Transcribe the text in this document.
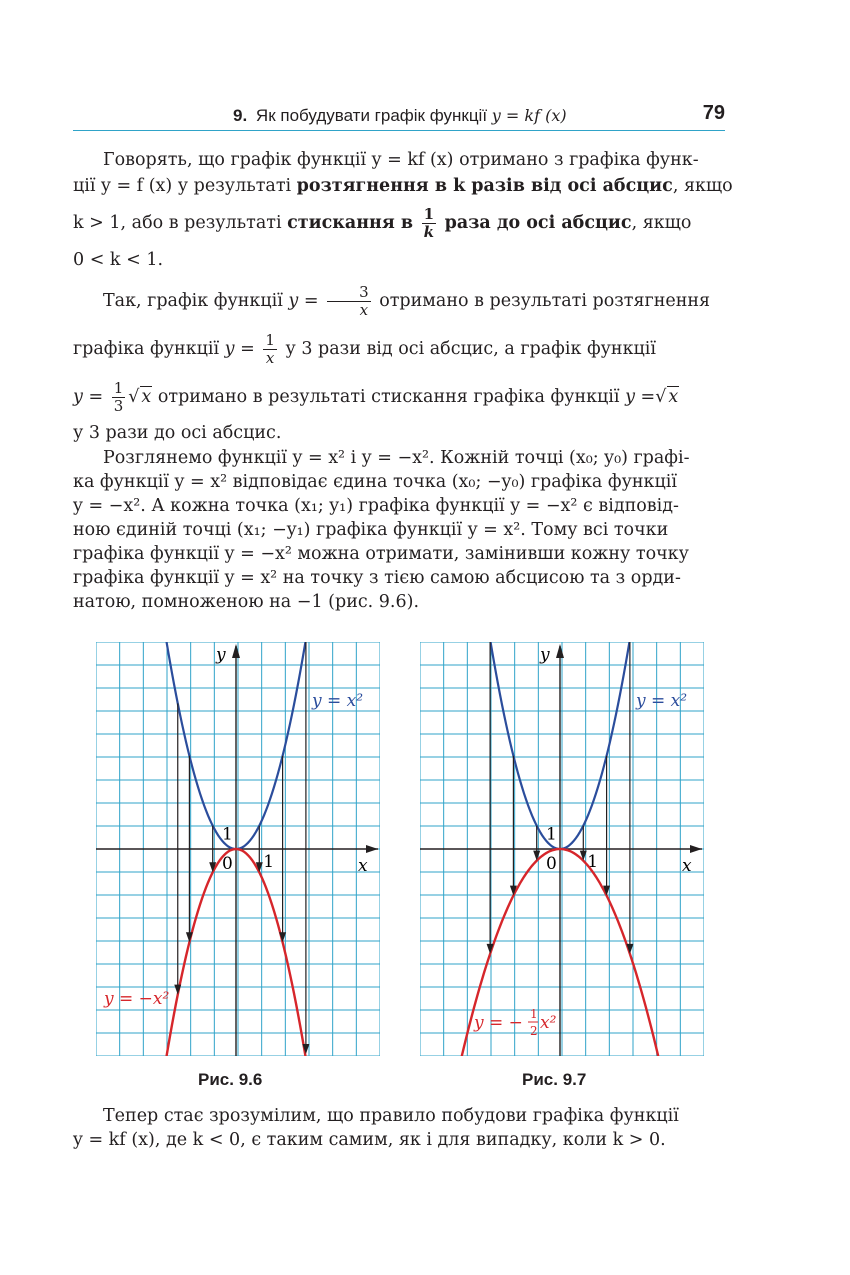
9. Як побудувати графік функції y = kf (x)	79
Говорять, що графік функції y = kf (x) отримано з графіка функ-
ції y = f (x) у результаті розтягнення в k разів від осі абсцис, якщо
k > 1, або в результаті стискання в $\frac{1}{k}$ раза до осі абсцис, якщо
0 < k < 1.
Так, графік функції $y = \frac{3}{x}$ отримано в результаті розтягнення
графіка функції $y = \frac{1}{x}$ у 3 рази від осі абсцис, а графік функції
$y = \frac{1}{3}$ √ x отримано в результаті стискання графіка функції y =√ x
у 3 рази до осі абсцис.
Розглянемо функції y = x² і y = −x². Кожній точці (x₀; y₀) графі-
ка функції y = x² відповідає єдина точка (x₀; −y₀) графіка функції
y = −x². А кожна точка (x₁; y₁) графіка функції y = −x² є відповід-
ною єдиній точці (x₁; −y₁) графіка функції y = x². Тому всі точки
графіка функції y = −x² можна отримати, замінивши кожну точку
графіка функції y = x² на точку з тією самою абсцисою та з орди-
натою, помноженою на −1 (рис. 9.6).
x
y
0 1
1
y = x²
y = −x²
Рис. 9.6
x
y
0 1
1
y = x²
y = − 1
2 x²
Рис. 9.7
Тепер стає зрозумілим, що правило побудови графіка функції
y = kf (x), де k < 0, є таким самим, як і для випадку, коли k > 0.
